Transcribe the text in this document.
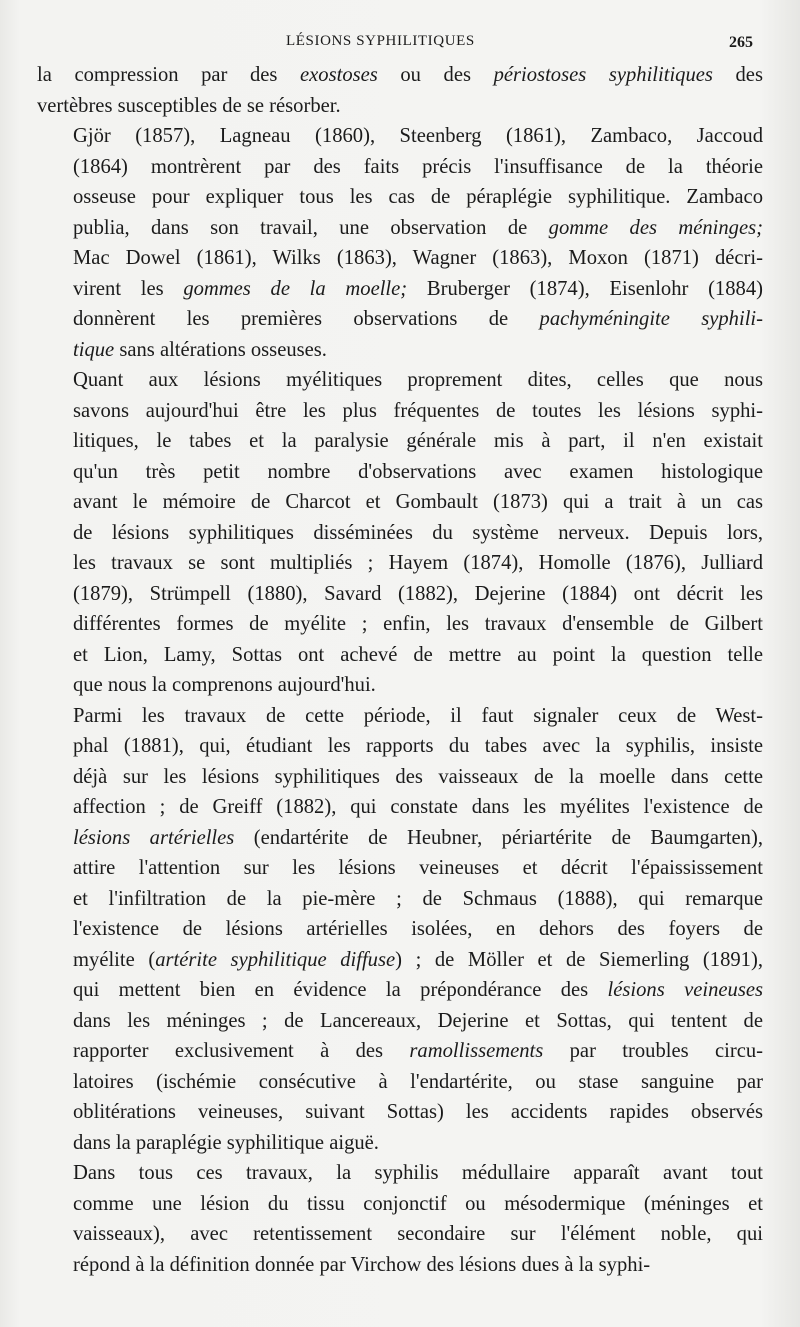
LÉSIONS SYPHILITIQUES	265
la compression par des exostoses ou des périostoses syphilitiques des
vertèbres susceptibles de se résorber.
Gjör (1857), Lagneau (1860), Steenberg (1861), Zambaco, Jaccoud
(1864) montrèrent par des faits précis l'insuffisance de la théorie
osseuse pour expliquer tous les cas de péraplégie syphilitique. Zambaco
publia, dans son travail, une observation de gomme des méninges;
Mac Dowel (1861), Wilks (1863), Wagner (1863), Moxon (1871) décri-
virent les gommes de la moelle; Bruberger (1874), Eisenlohr (1884)
donnèrent les premières observations de pachyméningite syphili-
tique sans altérations osseuses.
Quant aux lésions myélitiques proprement dites, celles que nous
savons aujourd'hui être les plus fréquentes de toutes les lésions syphi-
litiques, le tabes et la paralysie générale mis à part, il n'en existait
qu'un très petit nombre d'observations avec examen histologique
avant le mémoire de Charcot et Gombault (1873) qui a trait à un cas
de lésions syphilitiques disséminées du système nerveux. Depuis lors,
les travaux se sont multipliés ; Hayem (1874), Homolle (1876), Julliard
(1879), Strümpell (1880), Savard (1882), Dejerine (1884) ont décrit les
différentes formes de myélite ; enfin, les travaux d'ensemble de Gilbert
et Lion, Lamy, Sottas ont achevé de mettre au point la question telle
que nous la comprenons aujourd'hui.
Parmi les travaux de cette période, il faut signaler ceux de West-
phal (1881), qui, étudiant les rapports du tabes avec la syphilis, insiste
déjà sur les lésions syphilitiques des vaisseaux de la moelle dans cette
affection ; de Greiff (1882), qui constate dans les myélites l'existence de
lésions artérielles (endartérite de Heubner, périartérite de Baumgarten),
attire l'attention sur les lésions veineuses et décrit l'épaississement
et l'infiltration de la pie-mère ; de Schmaus (1888), qui remarque
l'existence de lésions artérielles isolées, en dehors des foyers de
myélite (artérite syphilitique diffuse) ; de Möller et de Siemerling (1891),
qui mettent bien en évidence la prépondérance des lésions veineuses
dans les méninges ; de Lancereaux, Dejerine et Sottas, qui tentent de
rapporter exclusivement à des ramollissements par troubles circu-
latoires (ischémie consécutive à l'endartérite, ou stase sanguine par
oblitérations veineuses, suivant Sottas) les accidents rapides observés
dans la paraplégie syphilitique aiguë.
Dans tous ces travaux, la syphilis médullaire apparaît avant tout
comme une lésion du tissu conjonctif ou mésodermique (méninges et
vaisseaux), avec retentissement secondaire sur l'élément noble, qui
répond à la définition donnée par Virchow des lésions dues à la syphi-
